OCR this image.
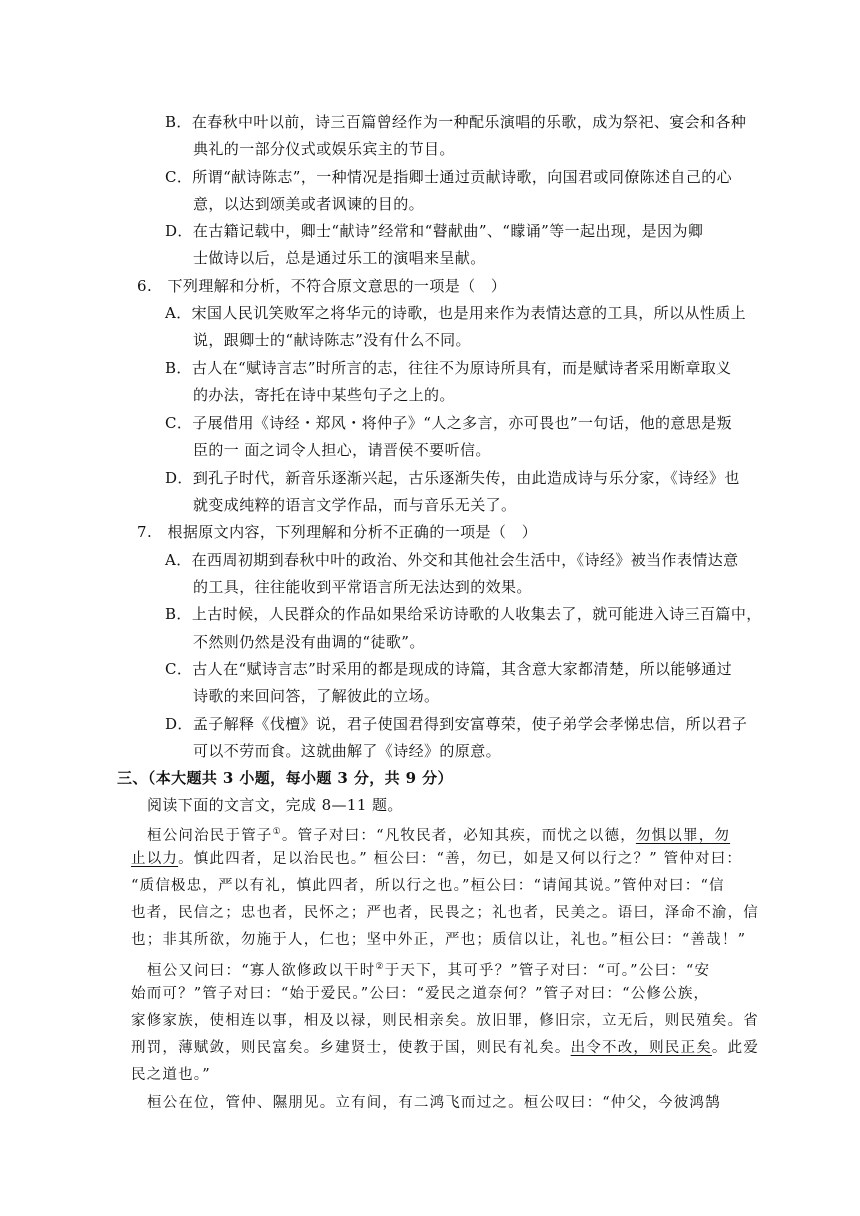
B．在春秋中叶以前，诗三百篇曾经作为一种配乐演唱的乐歌，成为祭祀、宴会和各种
典礼的一部分仪式或娱乐宾主的节目。
C．所谓“献诗陈志”，一种情况是指卿士通过贡献诗歌，向国君或同僚陈述自己的心
意，以达到颂美或者讽谏的目的。
D．在古籍记载中，卿士“献诗”经常和“瞽献曲”、“矇诵”等一起出现，是因为卿
士做诗以后，总是通过乐工的演唱来呈献。
6.　下列理解和分析，不符合原文意思的一项是（　）
A．宋国人民讥笑败军之将华元的诗歌，也是用来作为表情达意的工具，所以从性质上
说，跟卿士的“献诗陈志”没有什么不同。
B．古人在“赋诗言志”时所言的志，往往不为原诗所具有，而是赋诗者采用断章取义
的办法，寄托在诗中某些句子之上的。
C．子展借用《诗经・郑风・将仲子》“人之多言，亦可畏也”一句话，他的意思是叛
臣的一 面之词令人担心，请晋侯不要听信。
D．到孔子时代，新音乐逐渐兴起，古乐逐渐失传，由此造成诗与乐分家，《诗经》也
就变成纯粹的语言文学作品，而与音乐无关了。
7.　根据原文内容，下列理解和分析不正确的一项是（　）
A．在西周初期到春秋中叶的政治、外交和其他社会生活中，《诗经》被当作表情达意
的工具，往往能收到平常语言所无法达到的效果。
B．上古时候，人民群众的作品如果给采访诗歌的人收集去了，就可能进入诗三百篇中，
不然则仍然是没有曲调的“徒歌”。
C．古人在“赋诗言志”时采用的都是现成的诗篇，其含意大家都清楚，所以能够通过
诗歌的来回问答，了解彼此的立场。
D．孟子解释《伐檀》说，君子使国君得到安富尊荣，使子弟学会孝悌忠信，所以君子
可以不劳而食。这就曲解了《诗经》的原意。
三、（本大题共 3 小题，每小题 3 分，共 9 分）
阅读下面的文言文，完成 8—11 题。
桓公问治民于管子①。管子对曰：“凡牧民者，必知其疾，而忧之以德，勿惧以罪，勿
止以力。慎此四者，足以治民也。” 桓公曰：“善，勿已，如是又何以行之？” 管仲对曰：
“质信极忠，严以有礼，慎此四者，所以行之也。”桓公曰：“请闻其说。”管仲对曰：“信
也者，民信之；忠也者，民怀之；严也者，民畏之；礼也者，民美之。语曰，泽命不渝，信
也；非其所欲，勿施于人，仁也；坚中外正，严也；质信以让，礼也。”桓公曰：“善哉！”
桓公又问曰：“寡人欲修政以干时②于天下，其可乎？”管子对曰：“可。”公曰：“安
始而可？”管子对曰：“始于爱民。”公曰：“爱民之道奈何？”管子对曰：“公修公族，
家修家族，使相连以事，相及以禄，则民相亲矣。放旧罪，修旧宗，立无后，则民殖矣。省
刑罚，薄赋敛，则民富矣。乡建贤士，使教于国，则民有礼矣。出令不改，则民正矣。此爱
民之道也。”
桓公在位，管仲、隰朋见。立有间，有二鸿飞而过之。桓公叹曰：“仲父，今彼鸿鹄
